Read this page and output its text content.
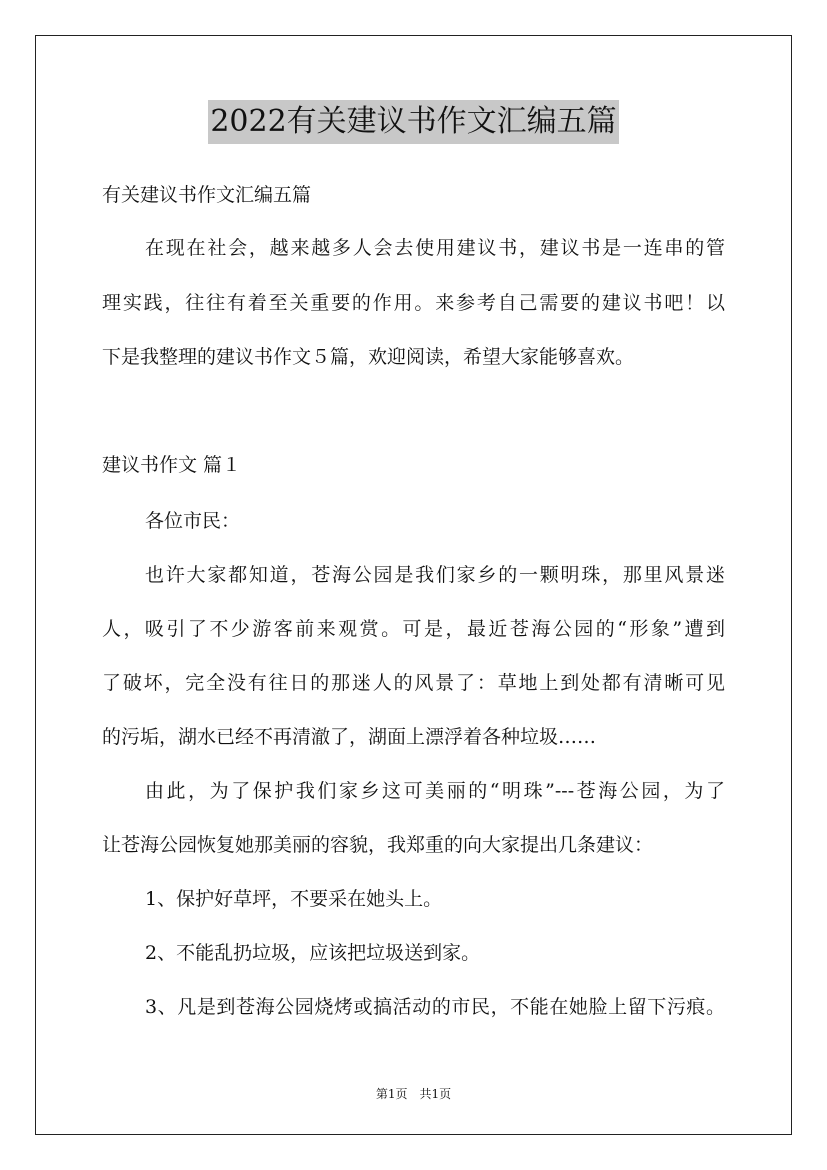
2022有关建议书作文汇编五篇
有关建议书作文汇编五篇
在现在社会，越来越多人会去使用建议书，建议书是一连串的管
理实践，往往有着至关重要的作用。来参考自己需要的建议书吧！以
下是我整理的建议书作文５篇，欢迎阅读，希望大家能够喜欢。
建议书作文 篇１
各位市民：
也许大家都知道，苍海公园是我们家乡的一颗明珠，那里风景迷
人，吸引了不少游客前来观赏。可是，最近苍海公园的“形象”遭到
了破坏，完全没有往日的那迷人的风景了：草地上到处都有清晰可见
的污垢，湖水已经不再清澈了，湖面上漂浮着各种垃圾……
由此，为了保护我们家乡这可美丽的“明珠”---苍海公园，为了
让苍海公园恢复她那美丽的容貌，我郑重的向大家提出几条建议：
1、保护好草坪，不要采在她头上。
2、不能乱扔垃圾，应该把垃圾送到家。
3、凡是到苍海公园烧烤或搞活动的市民，不能在她脸上留下污痕。
第1页 共1页
